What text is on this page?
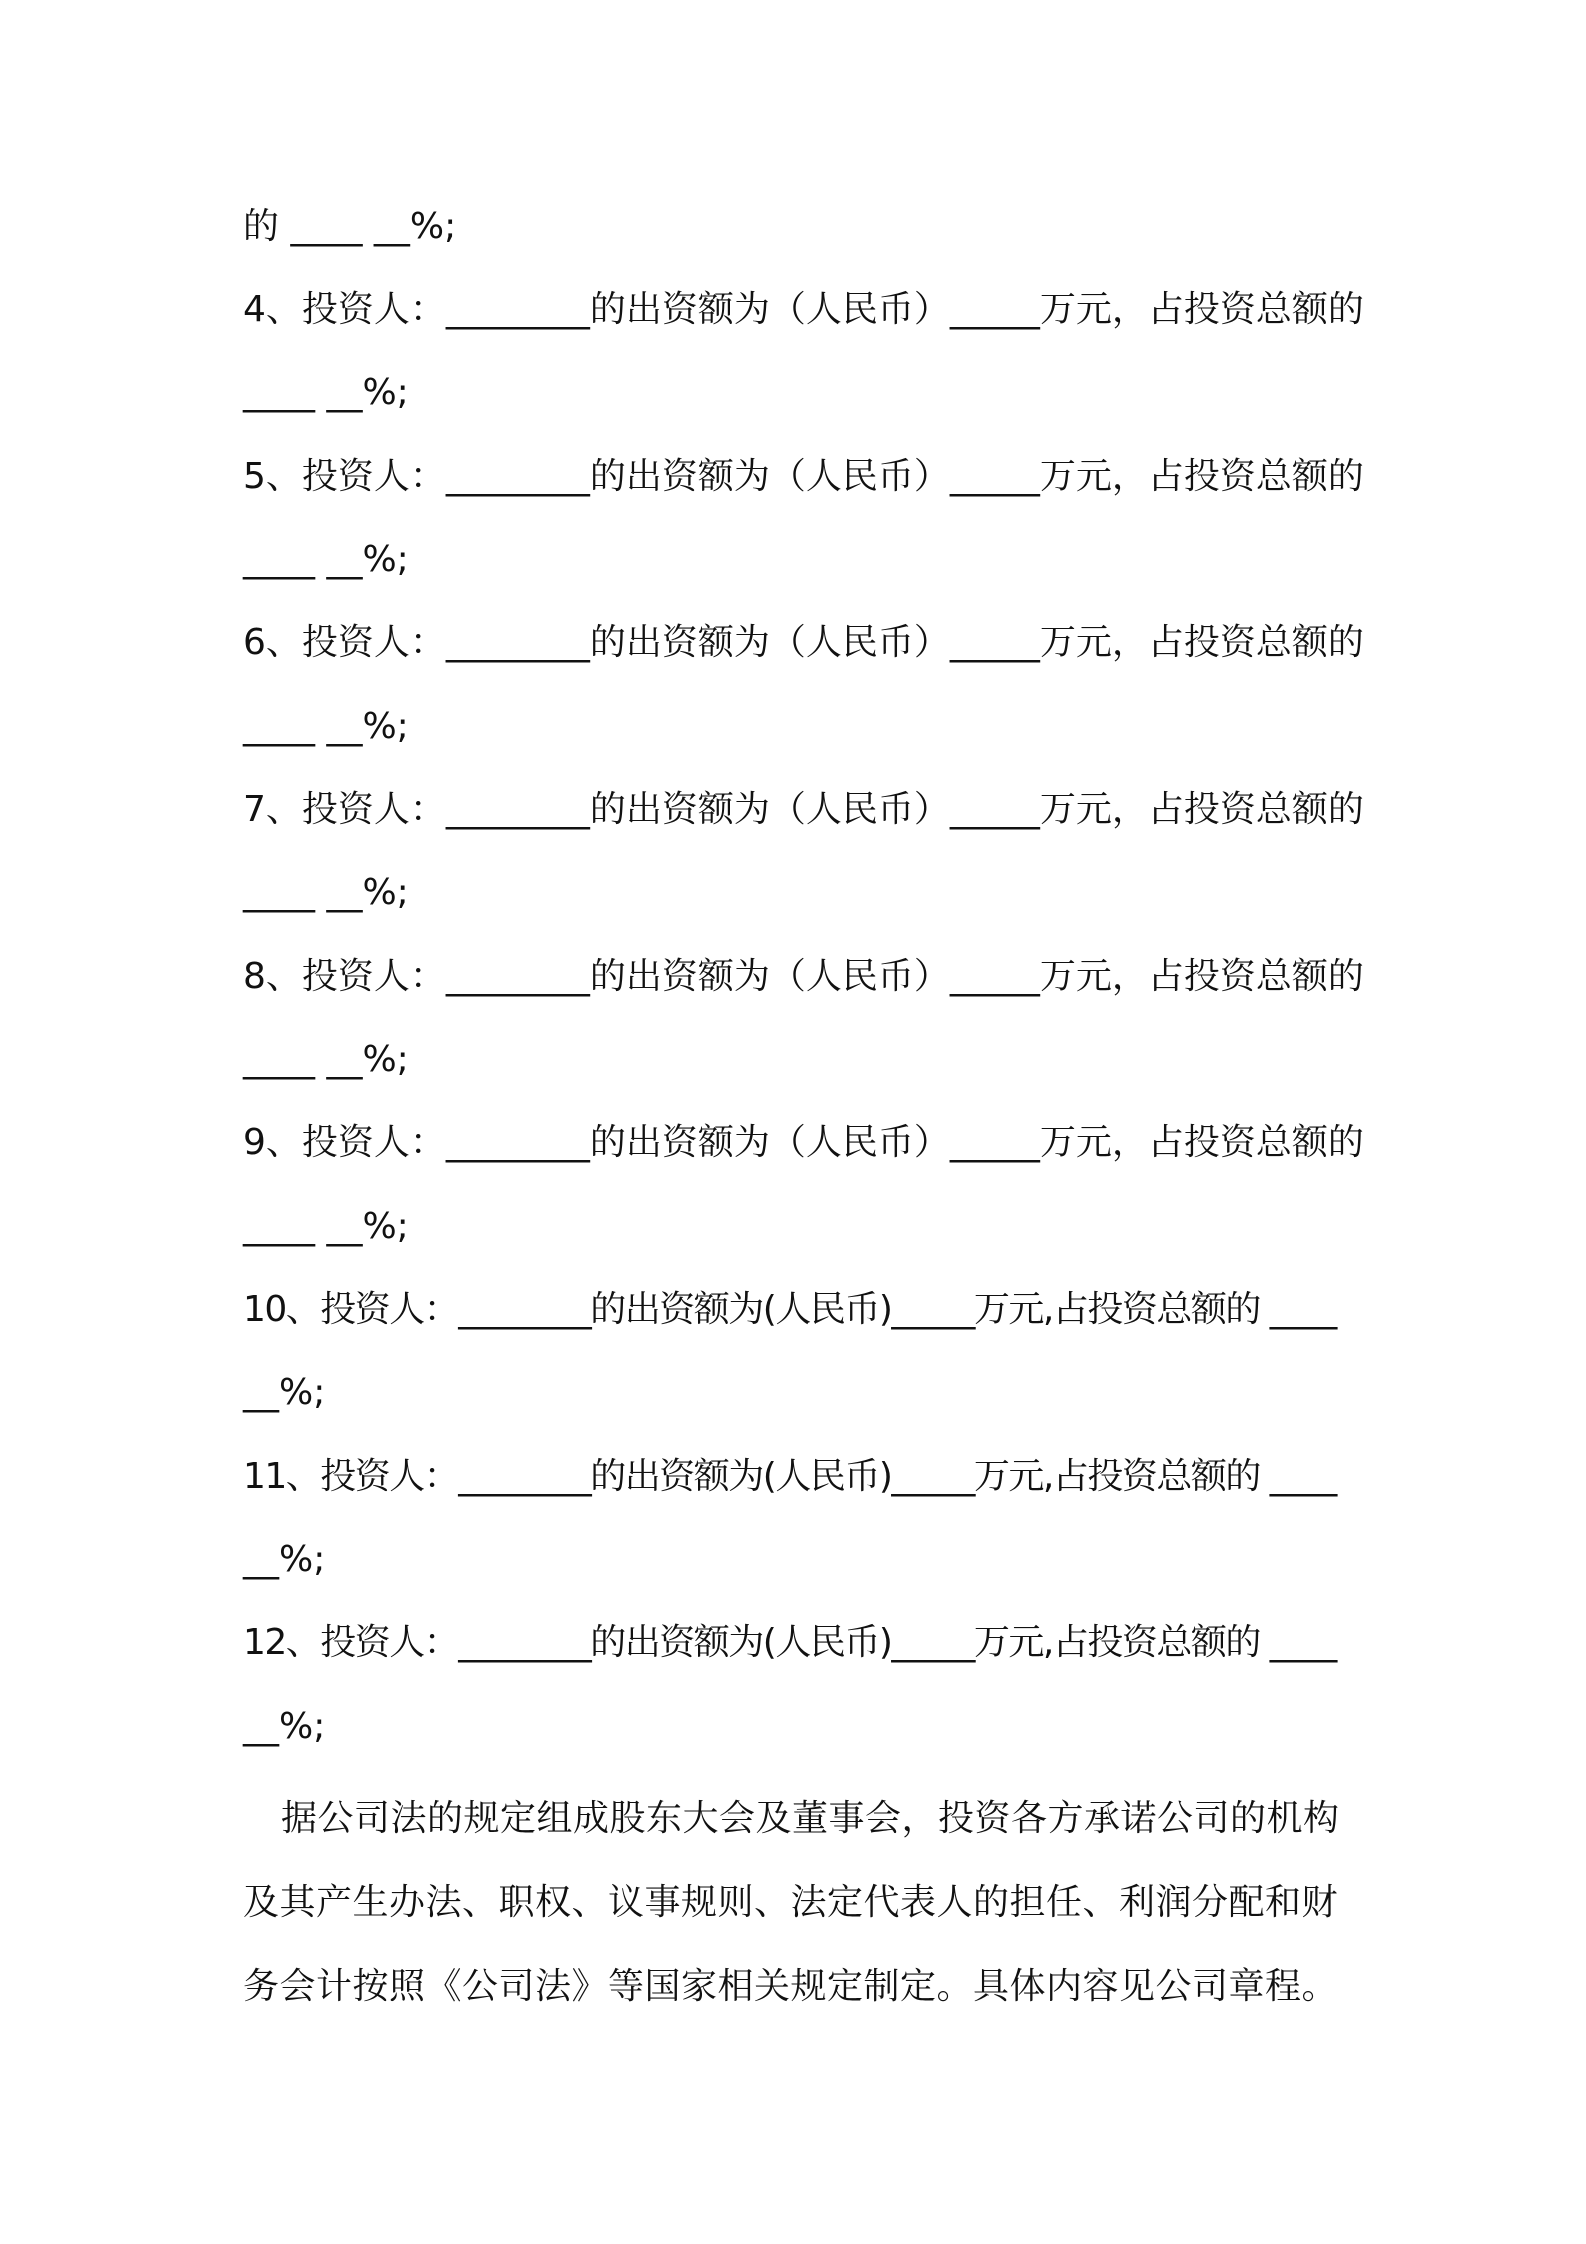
的 ____ __%;
4、投资人：________的出资额为（人民币）_____万元，占投资总额的
____ __%;
5、投资人：________的出资额为（人民币）_____万元，占投资总额的
____ __%;
6、投资人：________的出资额为（人民币）_____万元，占投资总额的
____ __%;
7、投资人：________的出资额为（人民币）_____万元，占投资总额的
____ __%;
8、投资人：________的出资额为（人民币）_____万元，占投资总额的
____ __%;
9、投资人：________的出资额为（人民币）_____万元，占投资总额的
____ __%;
10、投资人：________的出资额为(人民币)_____万元,占投资总额的 ____
__%;
11、投资人：________的出资额为(人民币)_____万元,占投资总额的 ____
__%;
12、投资人：________的出资额为(人民币)_____万元,占投资总额的 ____
__%;
据公司法的规定组成股东大会及董事会，投资各方承诺公司的机构及其产生办法、职权、议事规则、法定代表人的担任、利润分配和财务会计按照《公司法》等国家相关规定制定。具体内容见公司章程。
